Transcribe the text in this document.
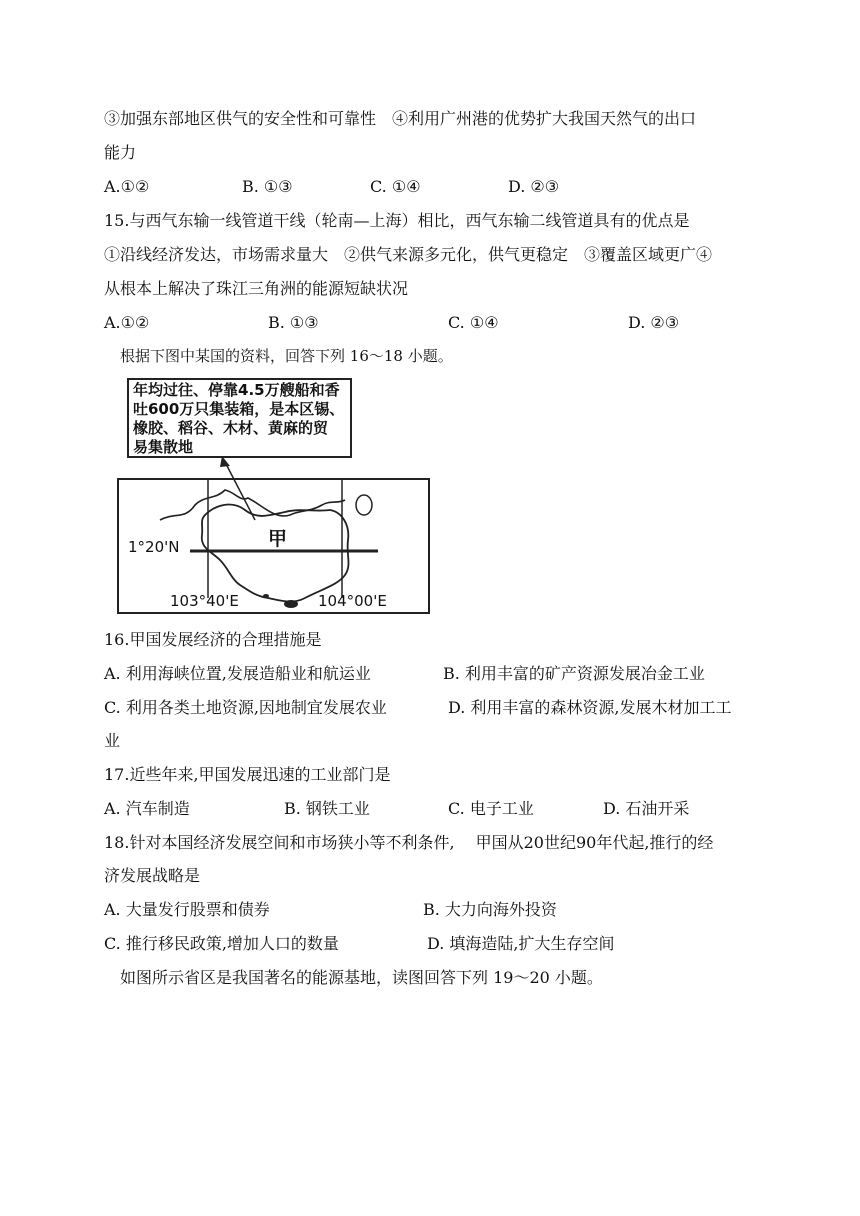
③加强东部地区供气的安全性和可靠性　④利用广州港的优势扩大我国天然气的出口
能力
A.①②	B. ①③	C. ①④	D. ②③
15.与西气东输一线管道干线（轮南—上海）相比，西气东输二线管道具有的优点是
①沿线经济发达，市场需求量大　②供气来源多元化，供气更稳定　③覆盖区域更广④
从根本上解决了珠江三角洲的能源短缺状况
A.①②	B. ①③	C. ①④	D. ②③
根据下图中某国的资料，回答下列 16～18 小题。
年均过往、停靠4.5万艘船和香
吐600万只集装箱，是本区锡、
橡胶、稻谷、木材、黄麻的贸
易集散地
甲
1°20'N
103°40'E	104°00'E
16.甲国发展经济的合理措施是
A. 利用海峡位置,发展造船业和航运业	B. 利用丰富的矿产资源发展冶金工业
C. 利用各类土地资源,因地制宜发展农业	D. 利用丰富的森林资源,发展木材加工工
业
17.近些年来,甲国发展迅速的工业部门是
A. 汽车制造	B. 钢铁工业	C. 电子工业	D. 石油开采
18.针对本国经济发展空间和市场狭小等不利条件,　 甲国从20世纪90年代起,推行的经
济发展战略是
A. 大量发行股票和债券	B. 大力向海外投资
C. 推行移民政策,增加人口的数量	D. 填海造陆,扩大生存空间
如图所示省区是我国著名的能源基地，读图回答下列 19～20 小题。
